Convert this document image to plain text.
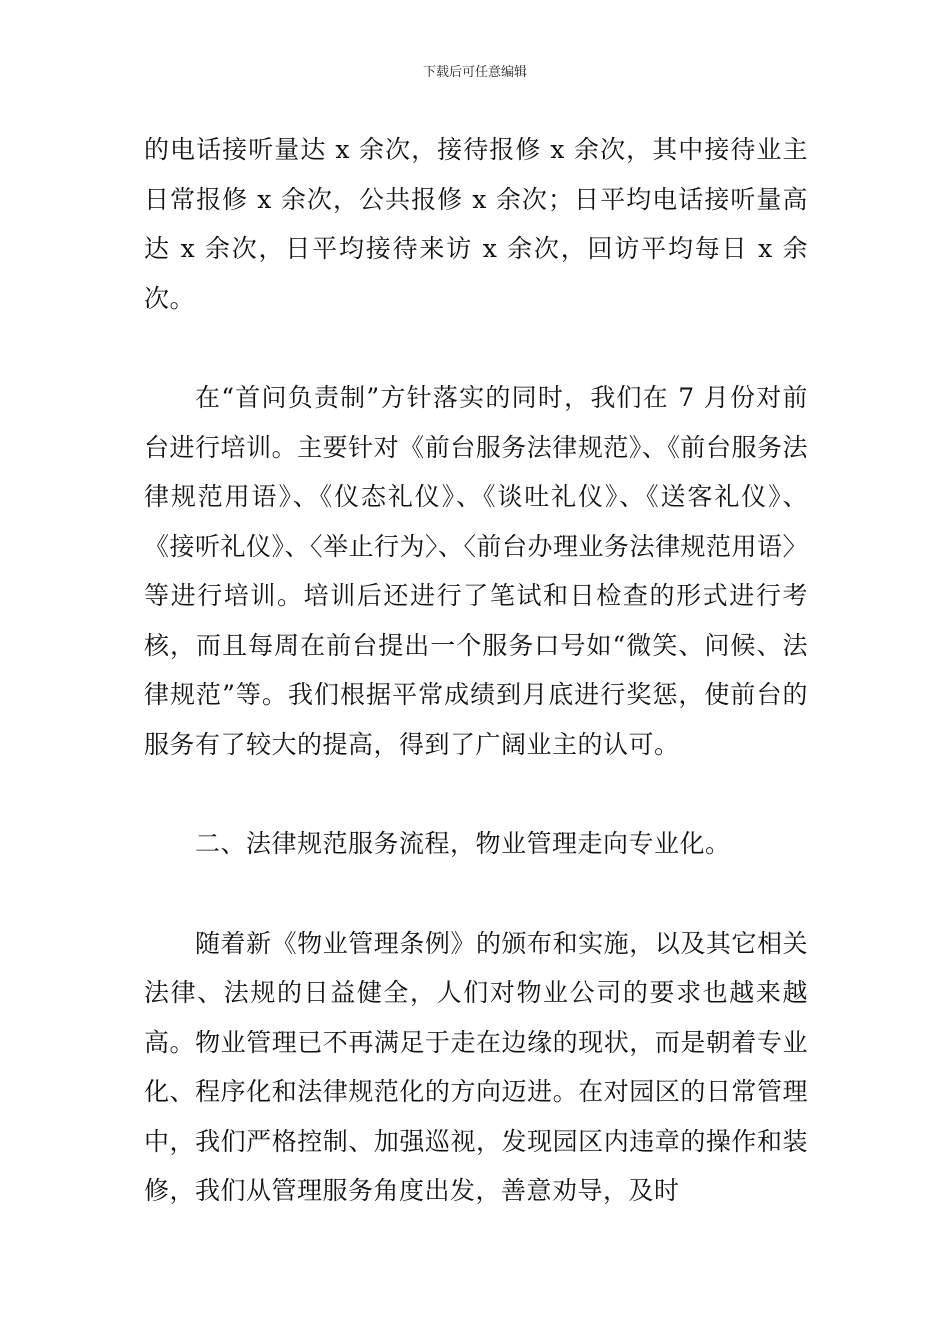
下载后可任意编辑

的电话接听量达 x 余次，接待报修 x 余次，其中接待业主日常报修 x 余次，公共报修 x 余次；日平均电话接听量高达 x 余次，日平均接待来访 x 余次，回访平均每日 x 余次。

在“首问负责制”方针落实的同时，我们在 7 月份对前台进行培训。主要针对《前台服务法律规范》、《前台服务法律规范用语》、《仪态礼仪》、《谈吐礼仪》、《送客礼仪》、《接听礼仪》、〈举止行为〉、〈前台办理业务法律规范用语〉等进行培训。培训后还进行了笔试和日检查的形式进行考核，而且每周在前台提出一个服务口号如“微笑、问候、法律规范”等。我们根据平常成绩到月底进行奖惩，使前台的服务有了较大的提高，得到了广阔业主的认可。

二、法律规范服务流程，物业管理走向专业化。

随着新《物业管理条例》的颁布和实施，以及其它相关法律、法规的日益健全，人们对物业公司的要求也越来越高。物业管理已不再满足于走在边缘的现状，而是朝着专业化、程序化和法律规范化的方向迈进。在对园区的日常管理中，我们严格控制、加强巡视，发现园区内违章的操作和装修，我们从管理服务角度出发，善意劝导，及时
